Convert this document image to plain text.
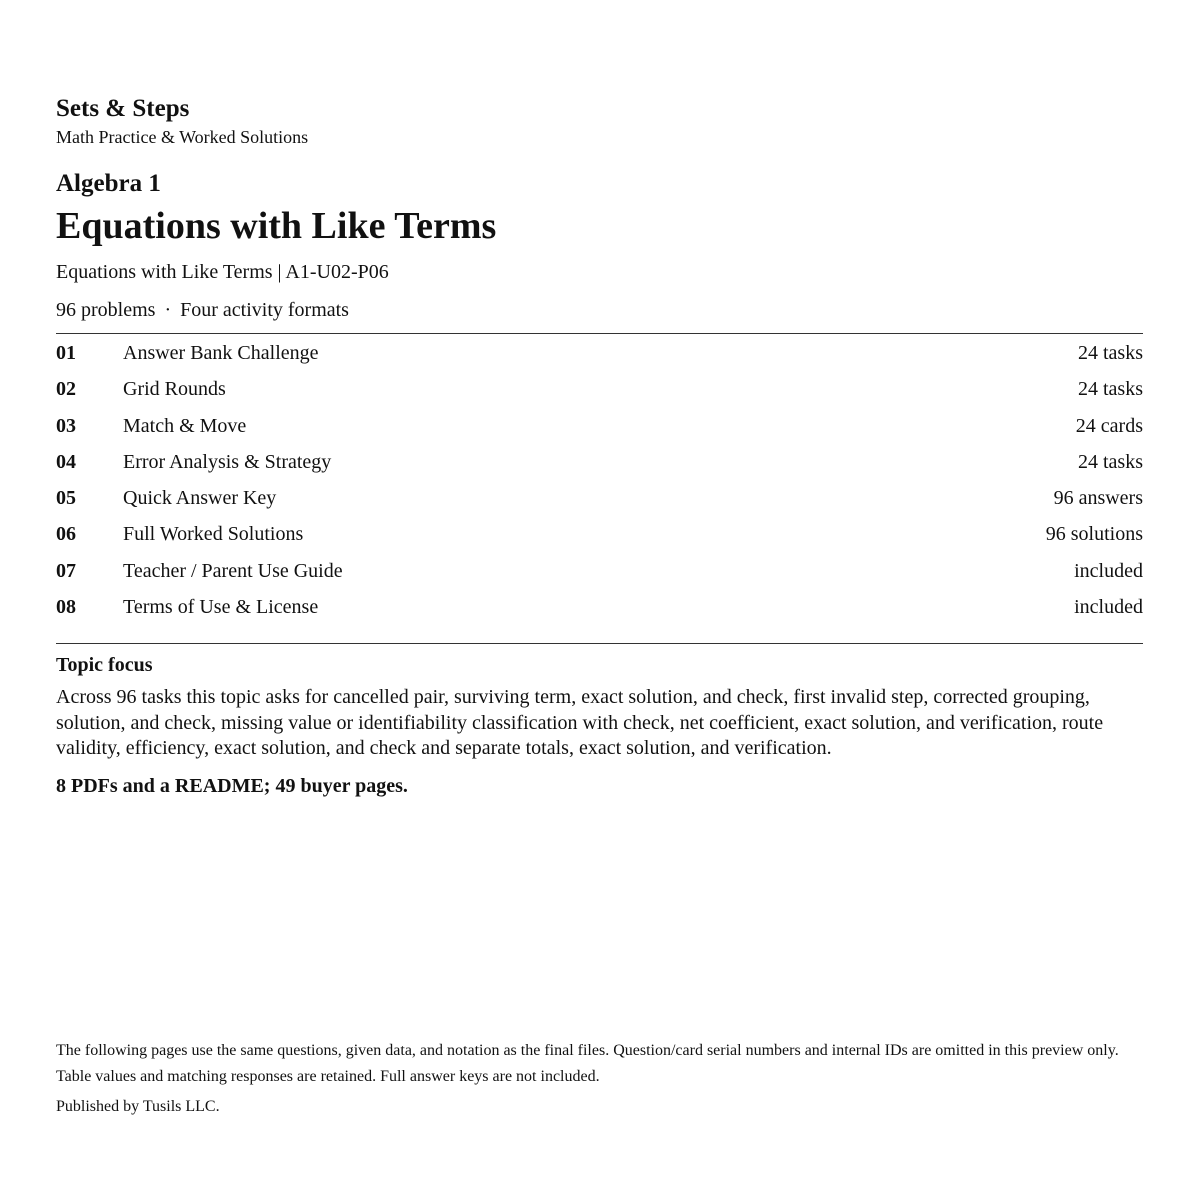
Sets & Steps

Math Practice & Worked Solutions

Algebra 1

Equations with Like Terms

Equations with Like Terms | A1-U02-P06

96 problems · Four activity formats

01	Answer Bank Challenge	24 tasks
02	Grid Rounds	24 tasks
03	Match & Move	24 cards
04	Error Analysis & Strategy	24 tasks
05	Quick Answer Key	96 answers
06	Full Worked Solutions	96 solutions
07	Teacher / Parent Use Guide	included
08	Terms of Use & License	included

Topic focus

Across 96 tasks this topic asks for cancelled pair, surviving term, exact solution, and check, first invalid step, corrected grouping, solution, and check, missing value or identifiability classification with check, net coefficient, exact solution, and verification, route validity, efficiency, exact solution, and check and separate totals, exact solution, and verification.

8 PDFs and a README; 49 buyer pages.

The following pages use the same questions, given data, and notation as the final files. Question/card serial numbers and internal IDs are omitted in this preview only. Table values and matching responses are retained. Full answer keys are not included.

Published by Tusils LLC.
